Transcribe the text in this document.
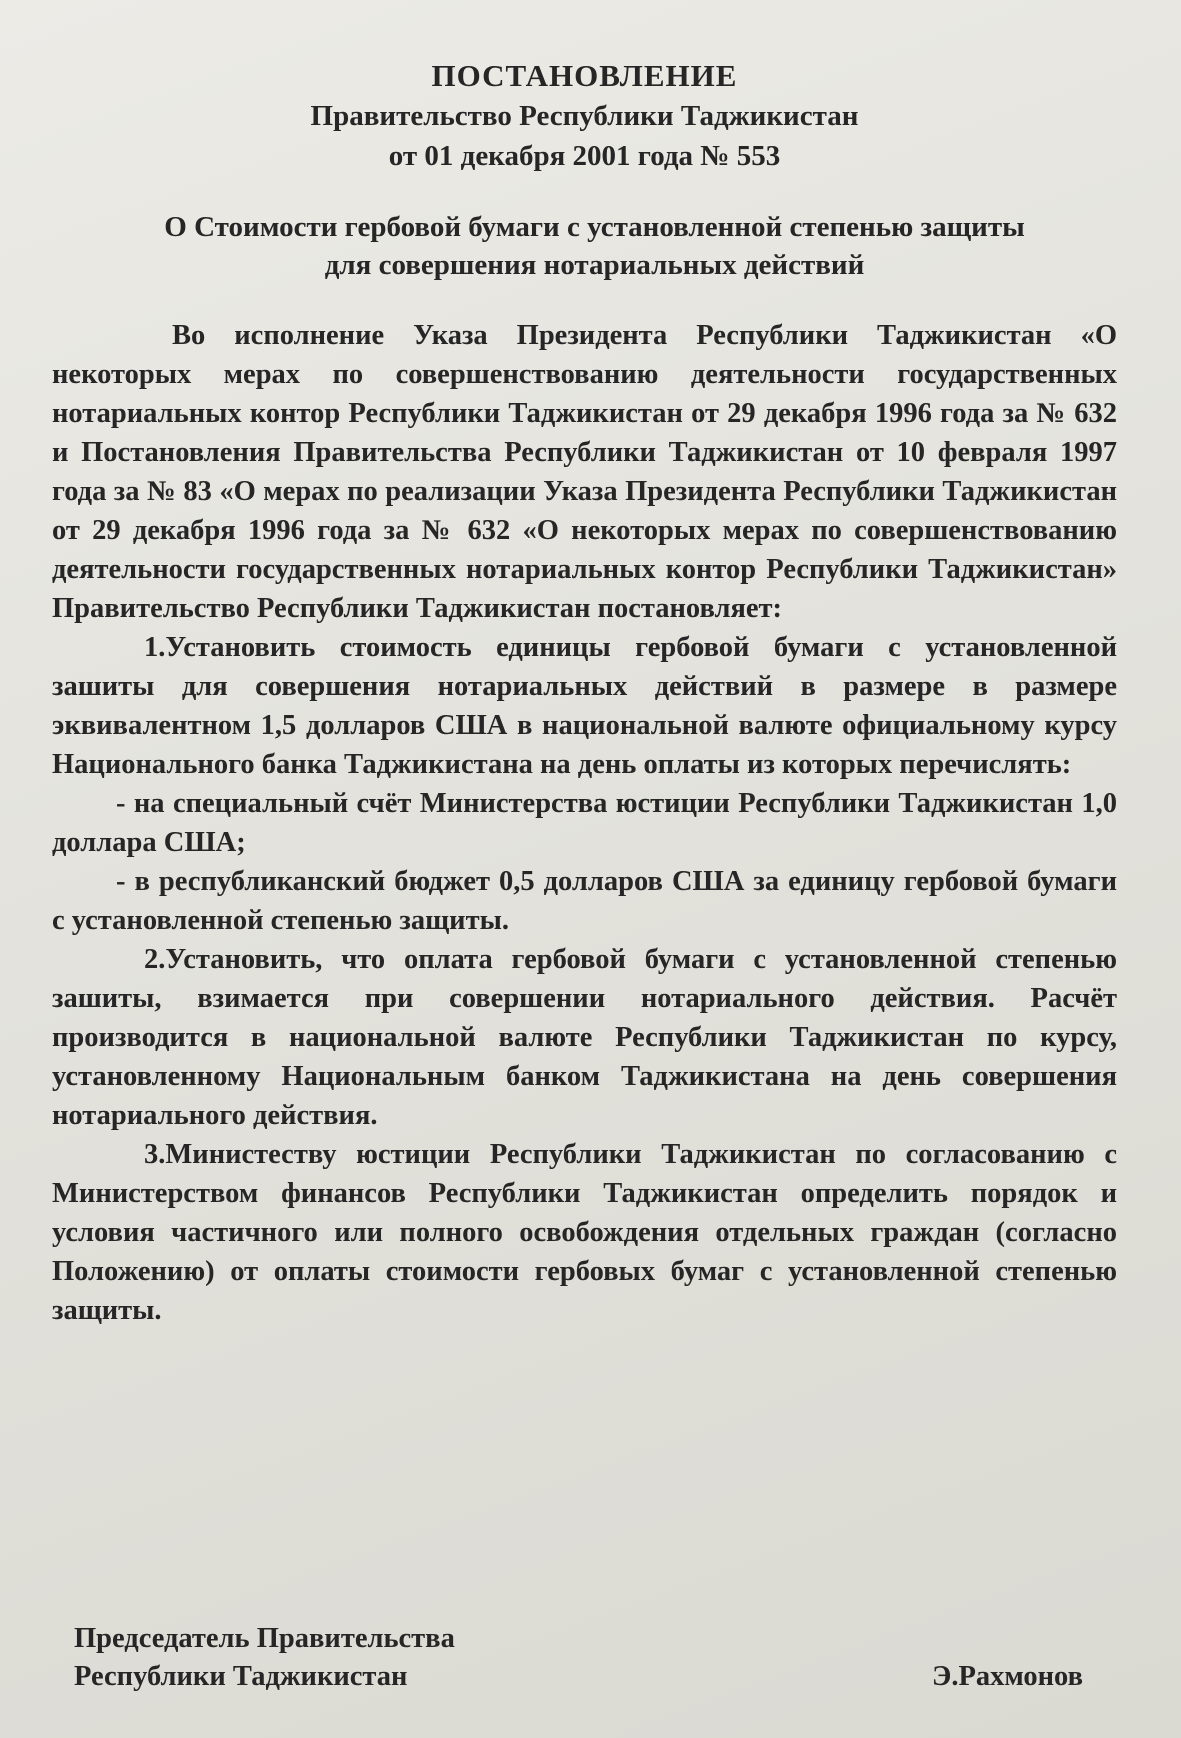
ПОСТАНОВЛЕНИЕ
Правительство Республики Таджикистан
от 01 декабря 2001 года № 553
О Стоимости гербовой бумаги с установленной степенью защиты
для совершения нотариальных действий

Во исполнение Указа Президента Республики Таджикистан «О некоторых мерах по совершенствованию деятельности государственных нотариальных контор Республики Таджикистан от 29 декабря 1996 года за № 632 и Постановления Правительства Республики Таджикистан от 10 февраля 1997 года за № 83 «О мерах по реализации Указа Президента Республики Таджикистан от 29 декабря 1996 года за № 632 «О некоторых мерах по совершенствованию деятельности государственных нотариальных контор Республики Таджикистан» Правительство Республики Таджикистан постановляет:

1.Установить стоимость единицы гербовой бумаги с установленной зашиты для совершения нотариальных действий в размере в размере эквивалентном 1,5 долларов США в национальной валюте официальному курсу Национального банка Таджикистана на день оплаты из которых перечислять:

- на специальный счёт Министерства юстиции Республики Таджикистан 1,0 доллара США;

- в республиканский бюджет 0,5 долларов США за единицу гербовой бумаги с установленной степенью защиты.

2.Установить, что оплата гербовой бумаги с установленной степенью зашиты, взимается при совершении нотариального действия. Расчёт производится в национальной валюте Республики Таджикистан по курсу, установленному Национальным банком Таджикистана на день совершения нотариального действия.

3.Министеству юстиции Республики Таджикистан по согласованию с Министерством финансов Республики Таджикистан определить порядок и условия частичного или полного освобождения отдельных граждан (согласно Положению) от оплаты стоимости гербовых бумаг с установленной степенью защиты.

Председатель Правительства
Республики Таджикистан	Э.Рахмонов
